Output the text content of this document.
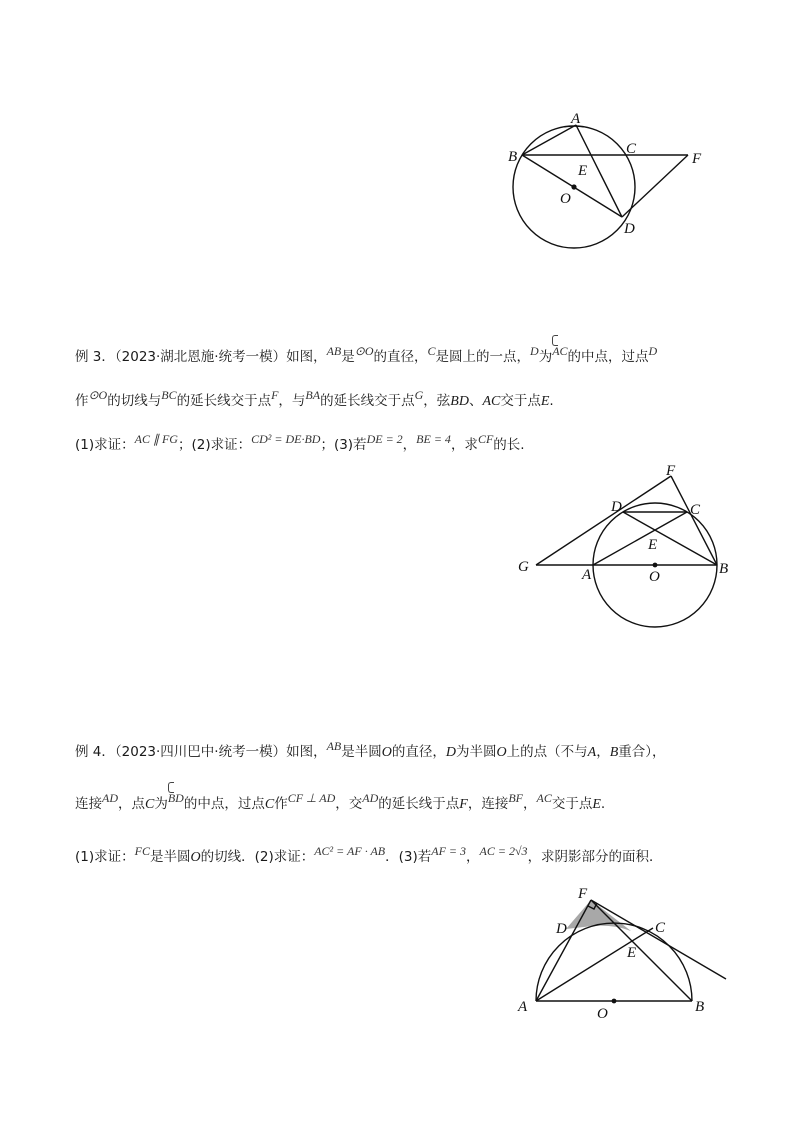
A
B	C
F
E
O
D
例 3．（2023·湖北恩施·统考一模）如图，AB是⊙O的直径，C是圆上的一点，D为AC的中点，过点D
作⊙O的切线与BC的延长线交于点F，与BA的延长线交于点G，弦BD、AC交于点E.
(1)求证：AC ∥ FG；(2)求证：CD² = DE·BD；(3)若DE = 2，BE = 4，求CF的长.
F
D	C
E
G	A	O	B
例 4．（2023·四川巴中·统考一模）如图，AB是半圆O的直径，D为半圆O上的点（不与A，B重合），
连接AD，点C为BD的中点，过点C作CF ⊥ AD，交AD的延长线于点F，连接BF，AC交于点E.
(1)求证：FC是半圆O的切线．(2)求证：AC² = AF · AB．(3)若AF = 3，AC = 2√3，求阴影部分的面积．
F
D	C
E
A	O	B
